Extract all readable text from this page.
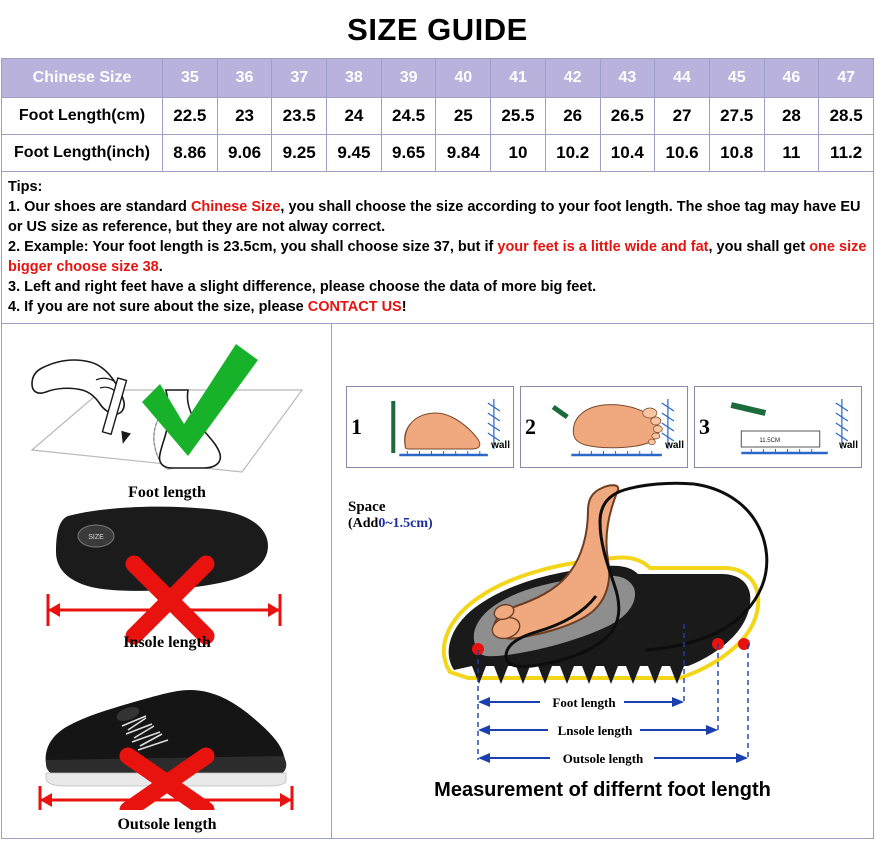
SIZE GUIDE
Chinese Size	35	36	37	38	39	40	41	42	43	44	45	46	47
Foot Length(cm)	22.5	23	23.5	24	24.5	25	25.5	26	26.5	27	27.5	28	28.5
Foot Length(inch)	8.86	9.06	9.25	9.45	9.65	9.84	10	10.2	10.4	10.6	10.8	11	11.2

Tips:

1. Our shoes are standard Chinese Size, you shall choose the size according to your foot length. The shoe tag may have EU or US size as reference, but they are not alway correct.

2. Example: Your foot length is 23.5cm, you shall choose size 37, but if your feet is a little wide and fat, you shall get one size bigger choose size 38.

3. Left and right feet have a slight difference, please choose the data of more big feet.

4. If you are not sure about the size, please CONTACT US!

Foot length
SIZE
Insole length
Outsole length
1
wall
2
wall
3
11.5CM	wall
Space
(Add0~1.5cm)
Foot length
Lnsole length
Outsole length
Measurement of differnt foot length
